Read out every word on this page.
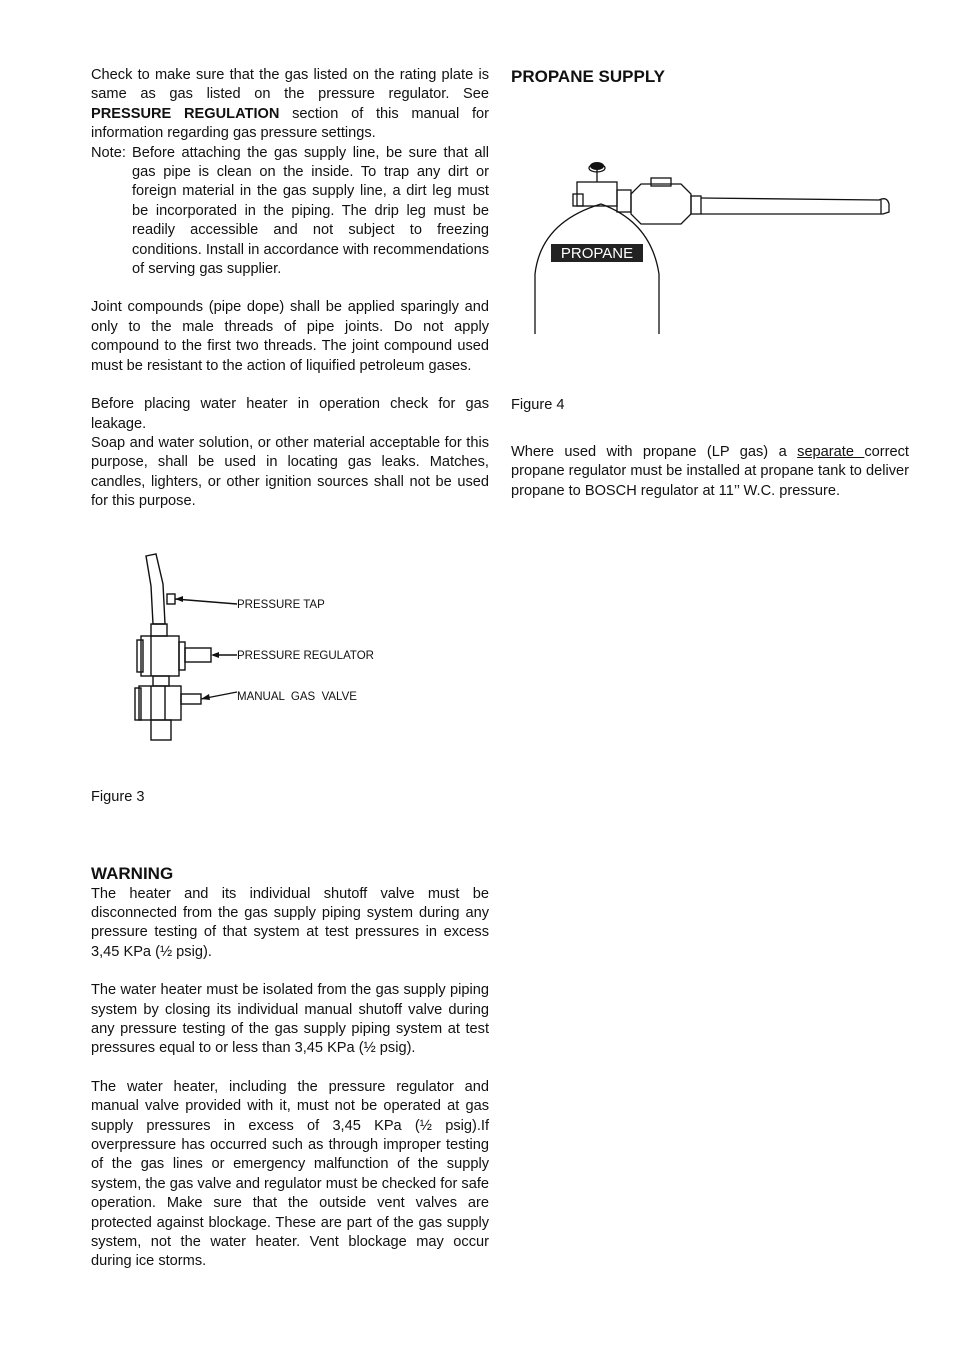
Check to make sure that the gas listed on the rating plate is same as gas listed on the pressure regulator. See PRESSURE REGULATION section of this manual for information regarding gas pressure settings.

Note: Before attaching the gas supply line, be sure that all gas pipe is clean on the inside. To trap any dirt or foreign material in the gas supply line, a dirt leg must be incorporated in the piping. The drip leg must be readily accessible and not subject to freezing conditions. Install in accordance with recommendations of serving gas supplier.

Joint compounds (pipe dope) shall be applied sparingly and only to the male threads of pipe joints. Do not apply compound to the first two threads. The joint compound used must be resistant to the action of liquified petroleum gases.

Before placing water heater in operation check for gas leakage.

Soap and water solution, or other material acceptable for this purpose, shall be used in locating gas leaks. Matches, candles, lighters, or other ignition sources shall not be used for this purpose.

PRESSURE TAP
PRESSURE REGULATOR
MANUAL  GAS  VALVE
Figure 3
WARNING

The heater and its individual shutoff valve must be disconnected from the gas supply piping system during any pressure testing of that system at test pressures in excess 3,45 KPa (½ psig).

The water heater must be isolated from the gas supply piping system by closing its individual manual shutoff valve during any pressure testing of the gas supply piping system at test pressures equal to or less than 3,45 KPa (½ psig).

The water heater, including the pressure regulator and manual valve provided with it, must not be operated at gas supply pressures in excess of 3,45 KPa (½ psig).If overpressure has occurred such as through improper testing of the gas lines or emergency malfunction of the supply system, the gas valve and regulator must be checked for safe operation. Make sure that the outside vent valves are protected against blockage. These are part of the gas supply system, not the water heater. Vent blockage may occur during ice storms.

PROPANE SUPPLY
PROPANE
Figure 4

Where used with propane (LP gas) a separate correct propane regulator must be installed at propane tank to deliver propane to BOSCH regulator at 11’’ W.C. pressure.
